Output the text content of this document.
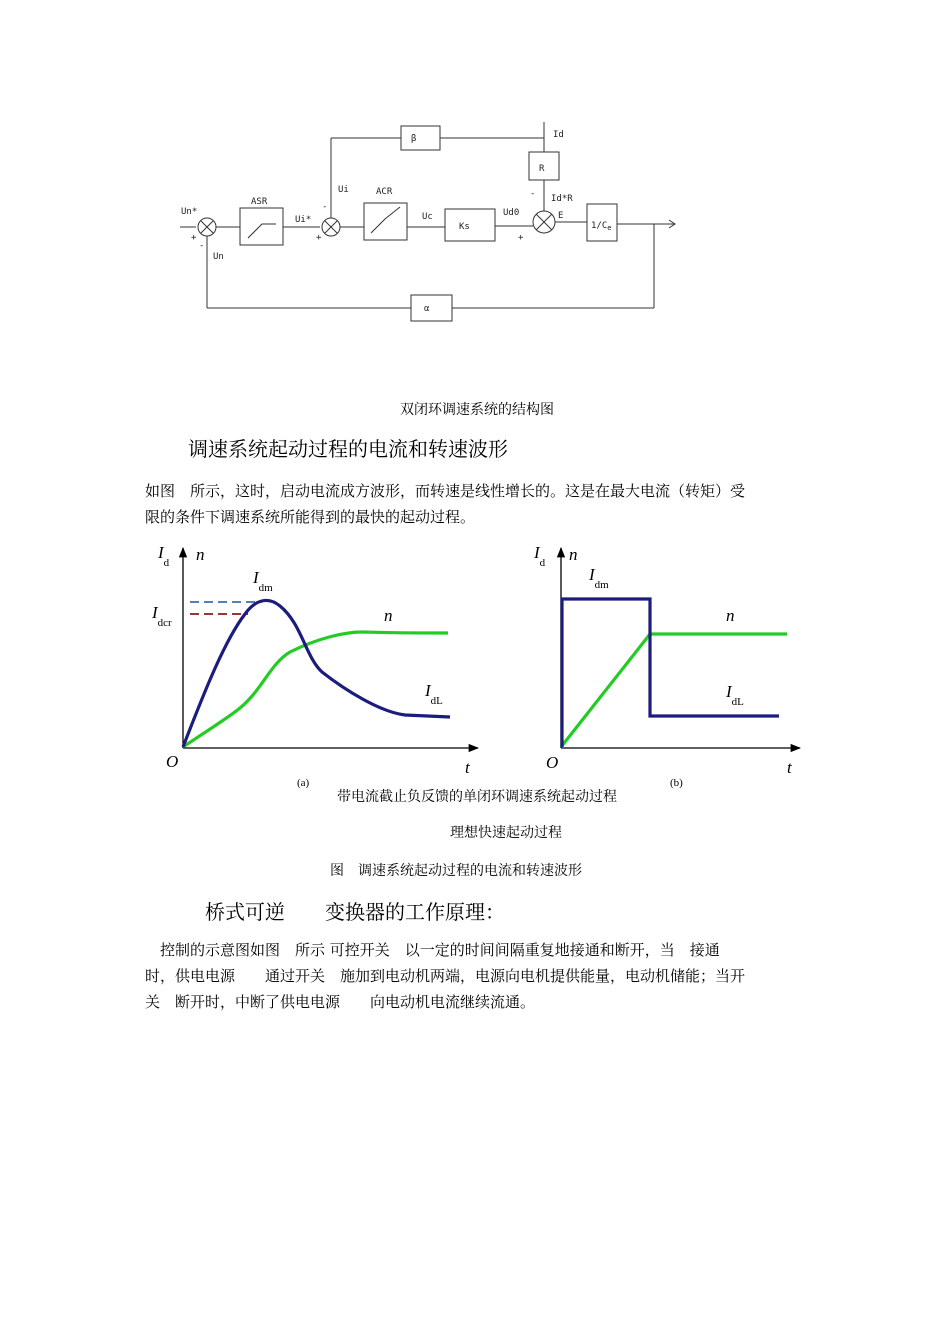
β	Id
R
- Id*R
E
Un*
+
-
Un
ASR
Ui*
Ui
-
+
ACR
Uc
Ks
Ud0
+
$1/C_e$
α
双闭环调速系统的结构图
调速系统起动过程的电流和转速波形
如图　所示，这时，启动电流成方波形，而转速是线性增长的。这是在最大电流（转矩）受
限的条件下调速系统所能得到的最快的起动过程。
$I_d$ n
$I_{dm}$
$I_{dcr}$	n
$I_{dL}$
O	t
(a)
$I_d$ n
$I_{dm}$
n
$I_{dL}$
O	t
(b)
带电流截止负反馈的单闭环调速系统起动过程
理想快速起动过程
图　调速系统起动过程的电流和转速波形
桥式可逆　　变换器的工作原理：
　控制的示意图如图　所示 可控开关　以一定的时间间隔重复地接通和断开，当　接通
时，供电电源　　通过开关　施加到电动机两端，电源向电机提供能量，电动机储能；当开
关　断开时，中断了供电电源　　向电动机电流继续流通。
